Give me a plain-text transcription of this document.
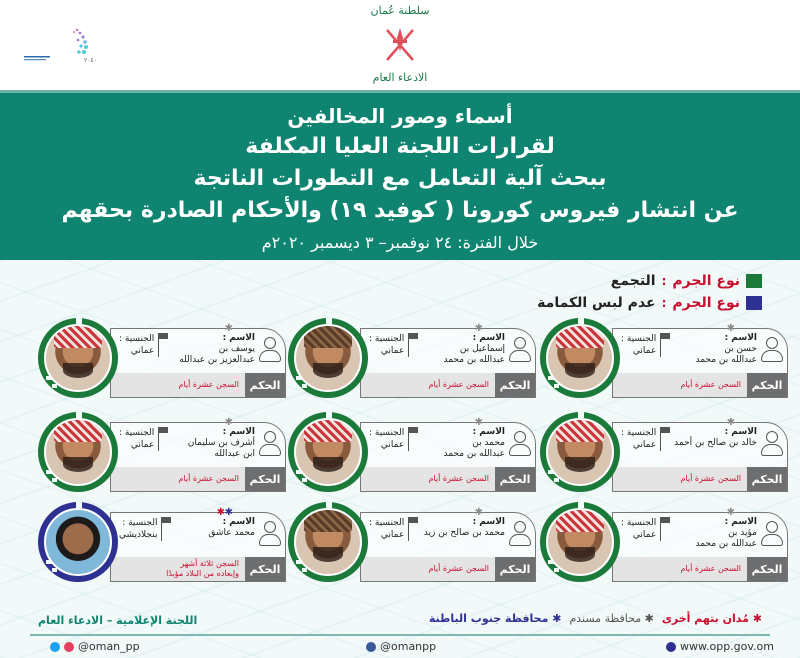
٢٠٤٠
سلطنة عُمان
الادعاء العام
أسماء وصور المخالفين
لقرارات اللجنة العليا المكلفة
ببحث آلية التعامل مع التطورات الناتجة
عن انتشار فيروس كورونا ( كوفيد ١٩) والأحكام الصادرة بحقهم
خلال الفترة: ٢٤ نوفمبر– ٣ ديسمبر ٢٠٢٠م
نوع الجرم
:
التجمع
نوع الجرم
:
عدم لبس الكمامة
✱
الاسم :
حسن بن
عبدالله بن محمد
الجنسية :
عماني
الحكم
السجن عشرة أيام
✱
الاسم :
إسماعيل بن
عبدالله بن محمد
الجنسية :
عماني
الحكم
السجن عشرة أيام
✱
الاسم :
يوسف بن
عبدالعزيز بن عبدالله
الجنسية :
عماني
الحكم
السجن عشرة أيام
✱
الاسم :
خالد بن صالح بن أحمد
الجنسية :
عماني
الحكم
السجن عشرة أيام
✱
الاسم :
محمد بن
عبدالله بن محمد
الجنسية :
عماني
الحكم
السجن عشرة أيام
✱
الاسم :
أشرف بن سليمان
ابن عبدالله
الجنسية :
عماني
الحكم
السجن عشرة أيام
✱
الاسم :
مؤيد بن
عبدالله بن محمد
الجنسية :
عماني
الحكم
السجن عشرة أيام
✱
الاسم :
محمد بن صالح بن زيد
الجنسية :
عماني
الحكم
السجن عشرة أيام
✱ ✱
الاسم :
محمد عاشق
الجنسية :
بنجلاديشي
الحكم
السجن ثلاثة أشهر
وإبعاده من البلاد مؤبدًا
✱ مُدان بتهم أخرى
✱ محافظة مسندم
✱ محافظة جنوب الباطنة
اللجنة الإعلامية – الادعاء العام
@oman_pp	@omanpp	www.opp.gov.om
